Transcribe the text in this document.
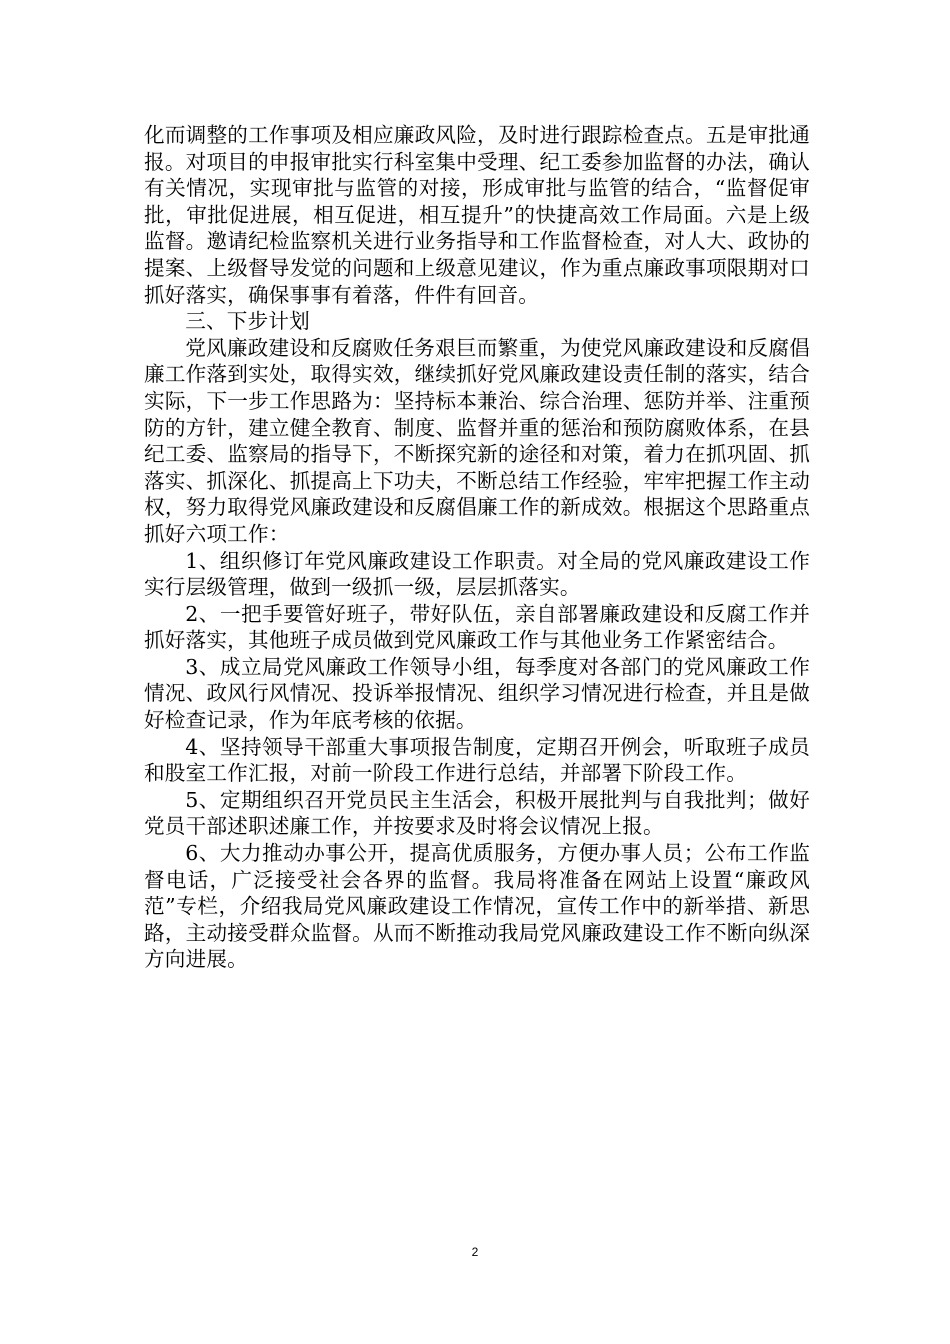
化而调整的工作事项及相应廉政风险，及时进行跟踪检查点。五是审批通报。对项目的申报审批实行科室集中受理、纪工委参加监督的办法，确认有关情况，实现审批与监管的对接，形成审批与监管的结合，“监督促审批，审批促进展，相互促进，相互提升”的快捷高效工作局面。六是上级监督。邀请纪检监察机关进行业务指导和工作监督检查，对人大、政协的提案、上级督导发觉的问题和上级意见建议，作为重点廉政事项限期对口抓好落实，确保事事有着落，件件有回音。

三、下步计划

党风廉政建设和反腐败任务艰巨而繁重，为使党风廉政建设和反腐倡廉工作落到实处，取得实效，继续抓好党风廉政建设责任制的落实，结合实际，下一步工作思路为：坚持标本兼治、综合治理、惩防并举、注重预防的方针，建立健全教育、制度、监督并重的惩治和预防腐败体系，在县纪工委、监察局的指导下，不断探究新的途径和对策，着力在抓巩固、抓落实、抓深化、抓提高上下功夫，不断总结工作经验，牢牢把握工作主动权，努力取得党风廉政建设和反腐倡廉工作的新成效。根据这个思路重点抓好六项工作：

1、组织修订年党风廉政建设工作职责。对全局的党风廉政建设工作实行层级管理，做到一级抓一级，层层抓落实。

2、一把手要管好班子，带好队伍，亲自部署廉政建设和反腐工作并抓好落实，其他班子成员做到党风廉政工作与其他业务工作紧密结合。

3、成立局党风廉政工作领导小组，每季度对各部门的党风廉政工作情况、政风行风情况、投诉举报情况、组织学习情况进行检查，并且是做好检查记录，作为年底考核的依据。

4、坚持领导干部重大事项报告制度，定期召开例会，听取班子成员和股室工作汇报，对前一阶段工作进行总结，并部署下阶段工作。

5、定期组织召开党员民主生活会，积极开展批判与自我批判；做好党员干部述职述廉工作，并按要求及时将会议情况上报。

6、大力推动办事公开，提高优质服务，方便办事人员；公布工作监督电话，广泛接受社会各界的监督。我局将准备在网站上设置“廉政风范”专栏，介绍我局党风廉政建设工作情况，宣传工作中的新举措、新思路，主动接受群众监督。从而不断推动我局党风廉政建设工作不断向纵深方向进展。

2
